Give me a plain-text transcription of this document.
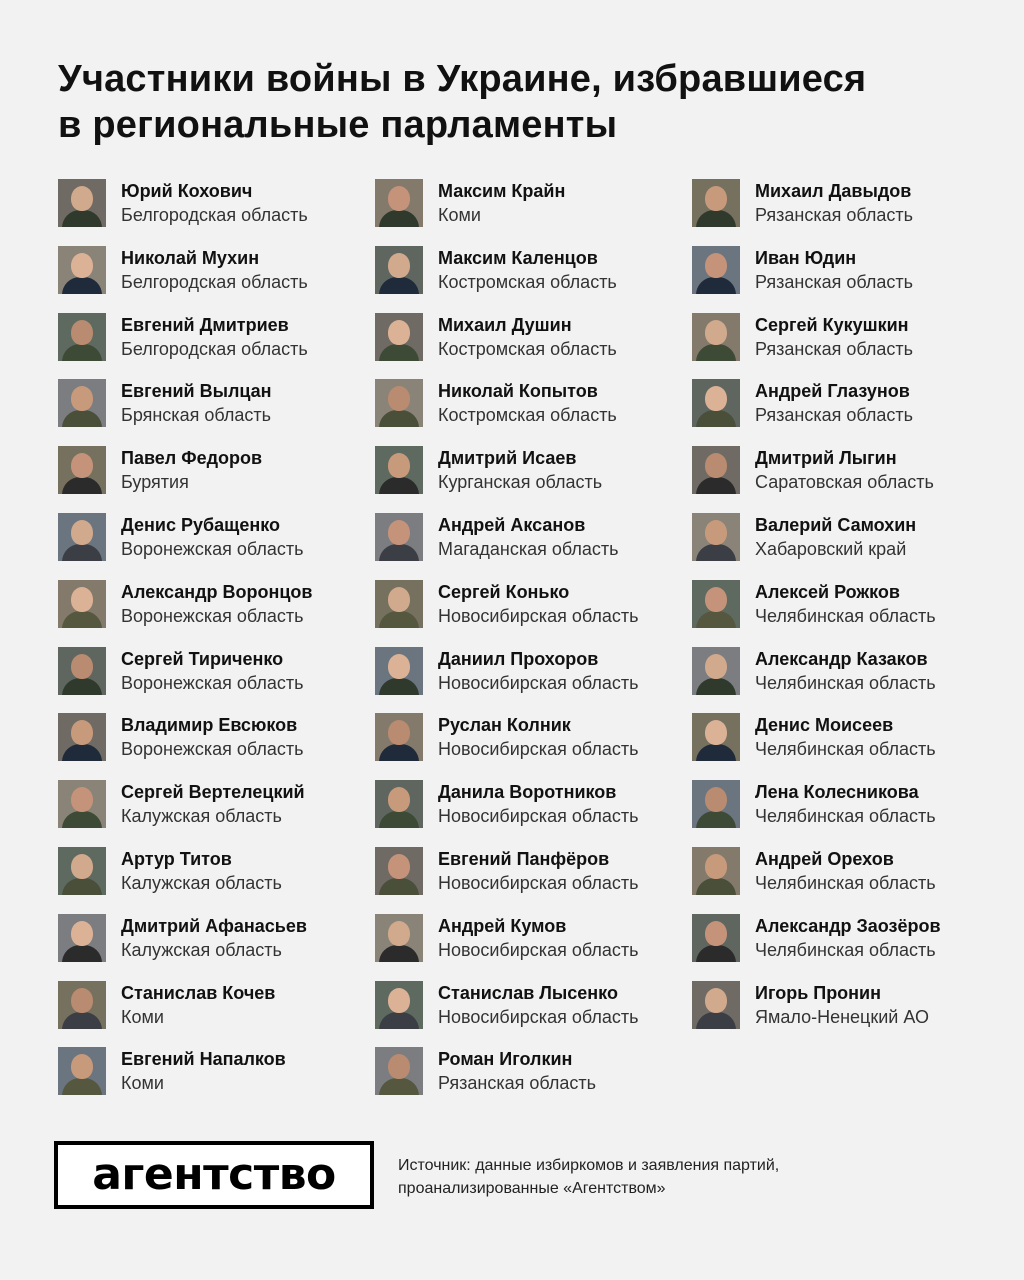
Участники войны в Украине, избравшиеся
в региональные парламенты
Юрий Кохович
Белгородская область
Николай Мухин
Белгородская область
Евгений Дмитриев
Белгородская область
Евгений Вылцан
Брянская область
Павел Федоров
Бурятия
Денис Рубащенко
Воронежская область
Александр Воронцов
Воронежская область
Сергей Тириченко
Воронежская область
Владимир Евсюков
Воронежская область
Сергей Вертелецкий
Калужская область
Артур Титов
Калужская область
Дмитрий Афанасьев
Калужская область
Станислав Кочев
Коми
Евгений Напалков
Коми
Максим Крайн
Коми
Максим Каленцов
Костромская область
Михаил Душин
Костромская область
Николай Копытов
Костромская область
Дмитрий Исаев
Курганская область
Андрей Аксанов
Магаданская область
Сергей Конько
Новосибирская область
Даниил Прохоров
Новосибирская область
Руслан Колник
Новосибирская область
Данила Воротников
Новосибирская область
Евгений Панфёров
Новосибирская область
Андрей Кумов
Новосибирская область
Станислав Лысенко
Новосибирская область
Роман Иголкин
Рязанская область
Михаил Давыдов
Рязанская область
Иван Юдин
Рязанская область
Сергей Кукушкин
Рязанская область
Андрей Глазунов
Рязанская область
Дмитрий Лыгин
Саратовская область
Валерий Самохин
Хабаровский край
Алексей Рожков
Челябинская область
Александр Казаков
Челябинская область
Денис Моисеев
Челябинская область
Лена Колесникова
Челябинская область
Андрей Орехов
Челябинская область
Александр Заозёров
Челябинская область
Игорь Пронин
Ямало-Ненецкий АО
агентство	Источник: данные избиркомов и заявления партий,
проанализированные «Агентством»
